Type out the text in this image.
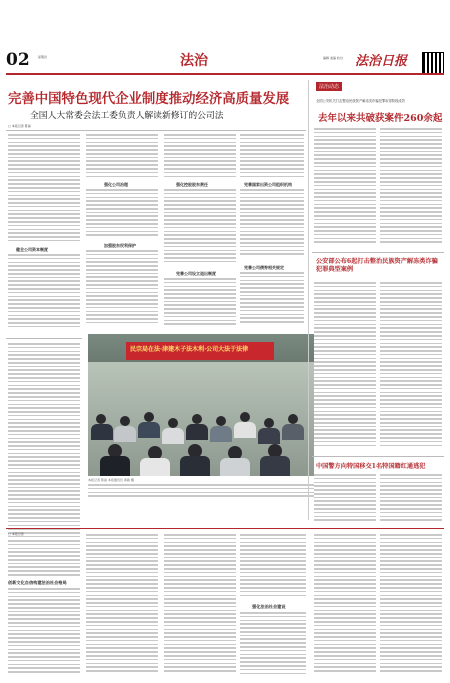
02	星期四	法治	编辑 美编 校对 法治日报
完善中国特色现代企业制度推动经济高质量发展
全国人大常委会法工委负责人解读新修订的公司法
□ 本报记者 陈丽
健全公司资本制度
强化公司治理
加强股东权利保护
强化控股股东责任
完善公司设立退出制度
完善国家出资公司组织机构
完善公司债券相关规定
民宗局在法·津建木子法木利·公司大法于法律
本报记者 陈丽 本报通讯员 黄蓉 摄
法治动态
全国公安机关打击整治民族资产解冻类诈骗犯罪取得阶段成效
去年以来共破获案件260余起
公安部公布6起打击整治民族资产解冻类诈骗犯罪典型案例
中国警方向特国移交1名特国籍红通逃犯
□ 本报记者
创新文化自信构建法治社会格局
强化法治社会建设
